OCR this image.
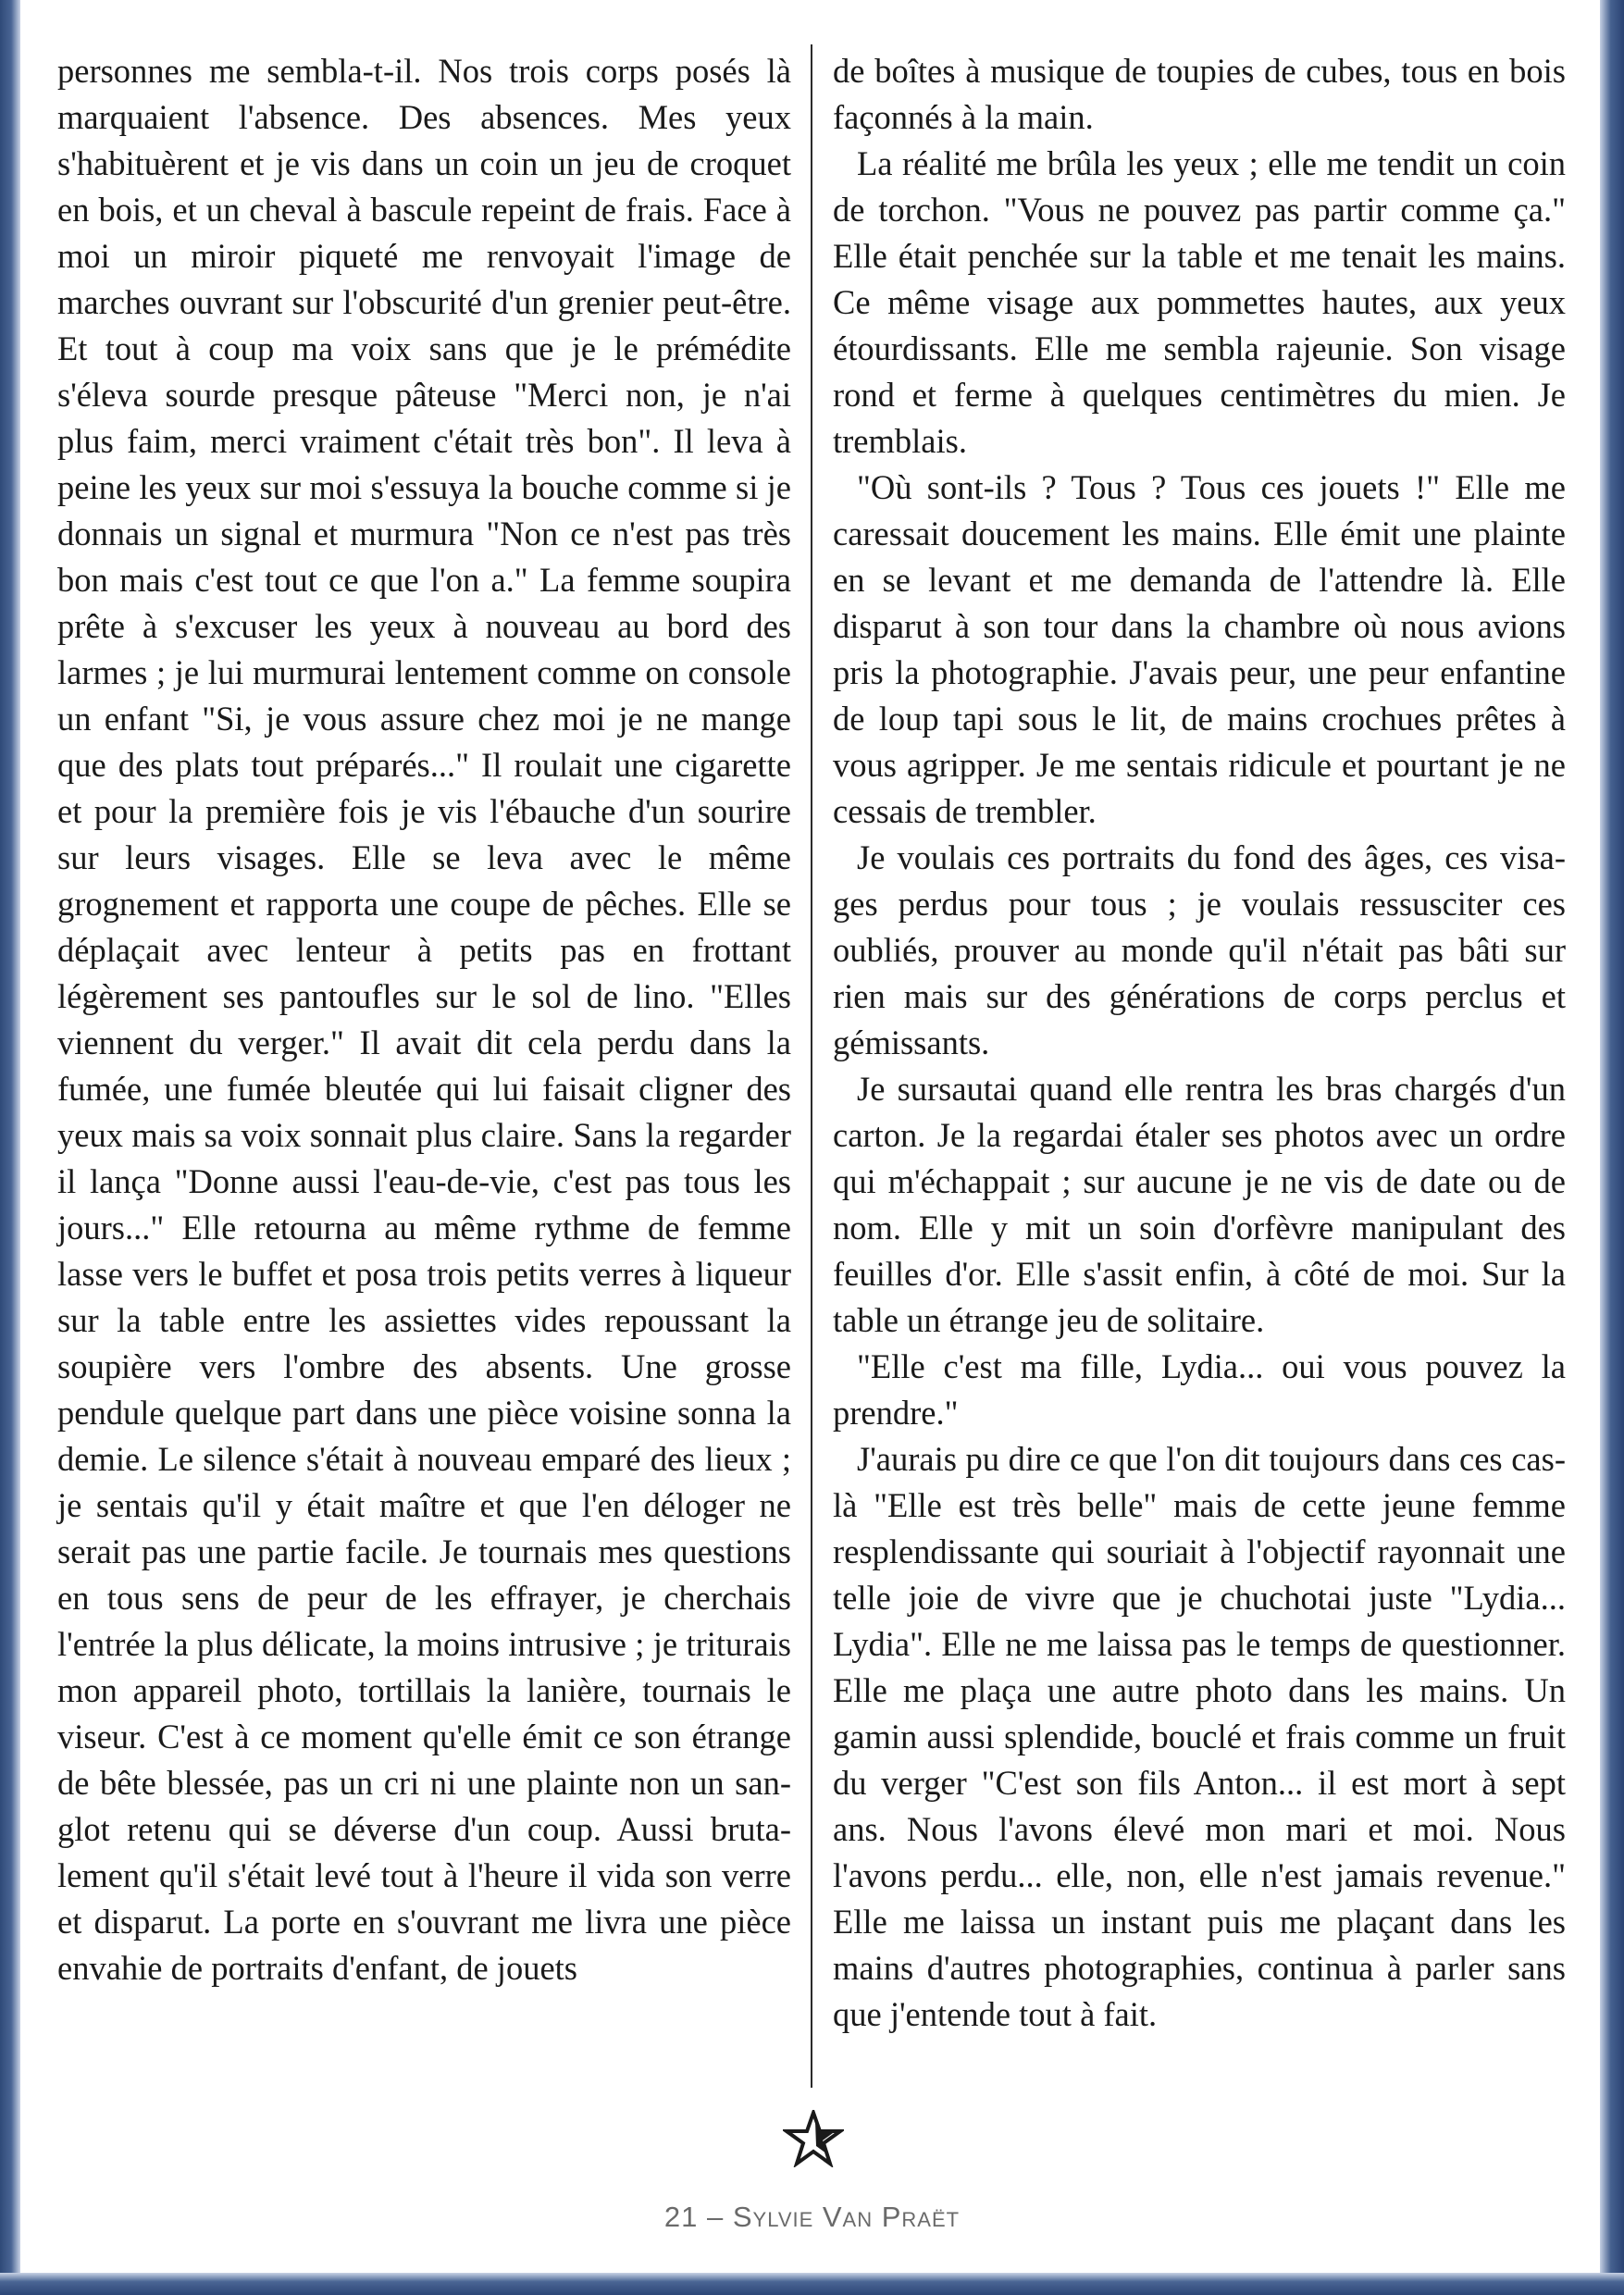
personnes me sembla-t-il. Nos trois corps posés là marquaient l'absence. Des absences. Mes yeux s'habituèrent et je vis dans un coin un jeu de croquet en bois, et un cheval à bascule repeint de frais. Face à moi un miroir piqueté me renvoyait l'image de marches ouvrant sur l'obscurité d'un grenier peut-être. Et tout à coup ma voix sans que je le prémédite s'éleva sourde presque pâteuse "Merci non, je n'ai plus faim, merci vraiment c'était très bon". Il leva à peine les yeux sur moi s'essuya la bouche comme si je donnais un signal et murmura "Non ce n'est pas très bon mais c'est tout ce que l'on a." La femme soupira prête à s'excuser les yeux à nouveau au bord des larmes ; je lui murmurai lentement comme on console un enfant "Si, je vous assure chez moi je ne mange que des plats tout préparés..." Il roulait une cigarette et pour la première fois je vis l'ébauche d'un sourire sur leurs visages. Elle se leva avec le même grognement et rapporta une coupe de pêches. Elle se déplaçait avec lenteur à petits pas en frottant légèrement ses pantoufles sur le sol de lino. "Elles viennent du verger." Il avait dit cela perdu dans la fumée, une fumée bleutée qui lui faisait cligner des yeux mais sa voix sonnait plus claire. Sans la regarder il lança "Donne aussi l'eau-de-vie, c'est pas tous les jours..." Elle retourna au même rythme de femme lasse vers le buffet et posa trois petits verres à liqueur sur la table entre les assiettes vides repoussant la soupière vers l'ombre des absents. Une grosse pendule quelque part dans une pièce voisine sonna la demie. Le silence s'était à nouveau emparé des lieux ; je sentais qu'il y était maître et que l'en déloger ne serait pas une partie facile. Je tournais mes questions en tous sens de peur de les effrayer, je cherchais l'entrée la plus délicate, la moins intrusive ; je triturais mon appareil photo, tortillais la lanière, tournais le viseur. C'est à ce moment qu'elle émit ce son étrange de bête blessée, pas un cri ni une plainte non un sanglot retenu qui se déverse d'un coup. Aussi brutalement qu'il s'était levé tout à l'heure il vida son verre et disparut. La porte en s'ouvrant me livra une pièce envahie de portraits d'enfant, de jouets

de boîtes à musique de toupies de cubes, tous en bois façonnés à la main.

La réalité me brûla les yeux ; elle me tendit un coin de torchon. "Vous ne pouvez pas partir comme ça." Elle était penchée sur la table et me tenait les mains. Ce même visage aux pommettes hautes, aux yeux étourdissants. Elle me sembla rajeunie. Son visage rond et ferme à quelques centimètres du mien. Je tremblais.

"Où sont-ils ? Tous ? Tous ces jouets !" Elle me caressait doucement les mains. Elle émit une plainte en se levant et me demanda de l'attendre là. Elle disparut à son tour dans la chambre où nous avions pris la photographie. J'avais peur, une peur enfantine de loup tapi sous le lit, de mains crochues prêtes à vous agripper. Je me sentais ridicule et pourtant je ne cessais de trembler.

Je voulais ces portraits du fond des âges, ces visages perdus pour tous ; je voulais ressusciter ces oubliés, prouver au monde qu'il n'était pas bâti sur rien mais sur des générations de corps perclus et gémissants.

Je sursautai quand elle rentra les bras chargés d'un carton. Je la regardai étaler ses photos avec un ordre qui m'échappait ; sur aucune je ne vis de date ou de nom. Elle y mit un soin d'orfèvre manipulant des feuilles d'or. Elle s'assit enfin, à côté de moi. Sur la table un étrange jeu de solitaire.

"Elle c'est ma fille, Lydia... oui vous pouvez la prendre."

J'aurais pu dire ce que l'on dit toujours dans ces cas-là "Elle est très belle" mais de cette jeune femme resplendissante qui souriait à l'objectif rayonnait une telle joie de vivre que je chuchotai juste "Lydia... Lydia". Elle ne me laissa pas le temps de questionner. Elle me plaça une autre photo dans les mains. Un gamin aussi splendide, bouclé et frais comme un fruit du verger "C'est son fils Anton... il est mort à sept ans. Nous l'avons élevé mon mari et moi. Nous l'avons perdu... elle, non, elle n'est jamais revenue." Elle me laissa un instant puis me plaçant dans les mains d'autres photographies, continua à parler sans que j'entende tout à fait.

21 – Sylvie Van Praët
